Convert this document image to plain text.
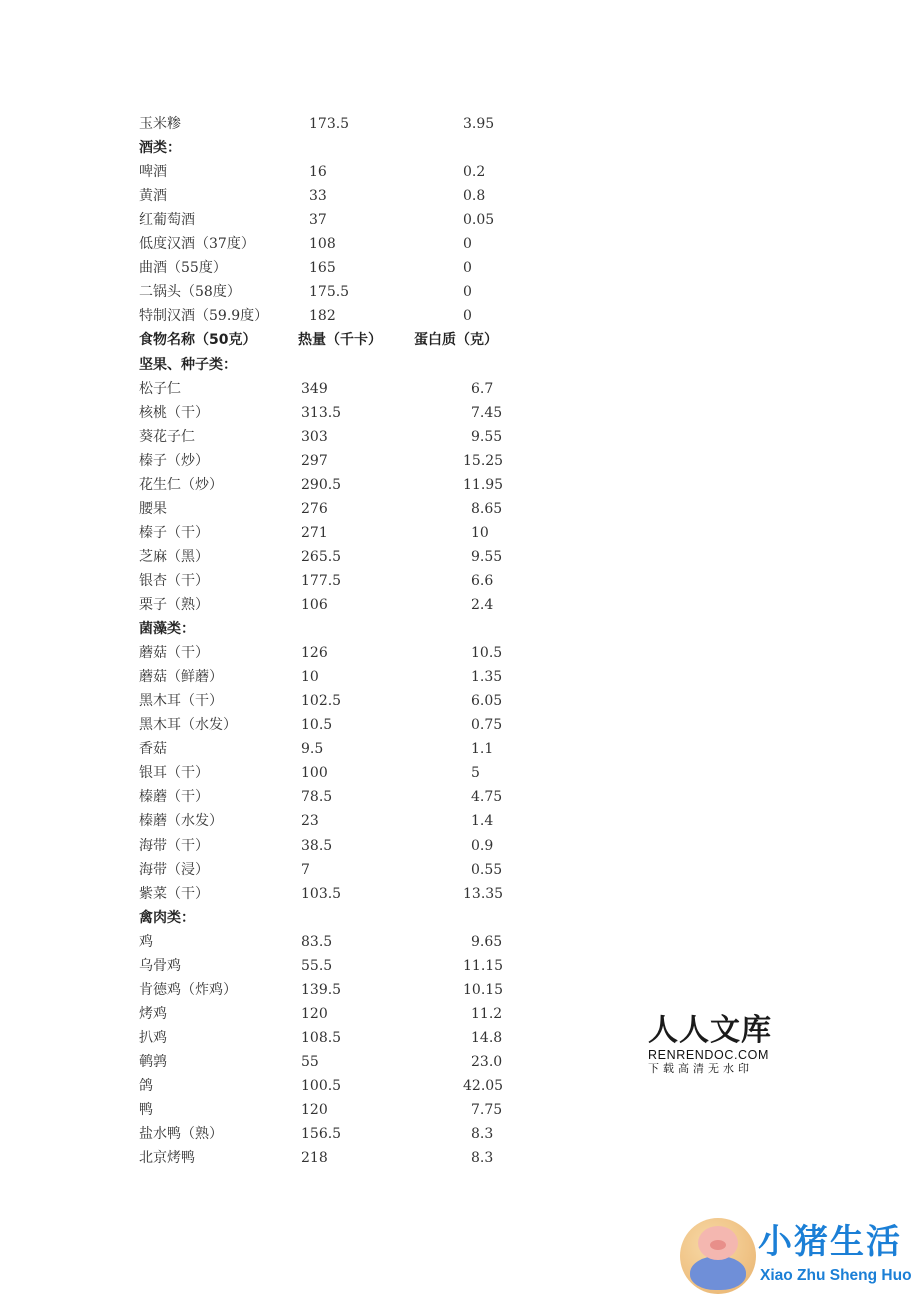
玉米糁	173.5	3.95
酒类：
啤酒	16	0.2
黄酒	33	0.8
红葡萄酒	37	0.05
低度汉酒（37度）	108	0
曲酒（55度）	165	0
二锅头（58度）	175.5	0
特制汉酒（59.9度）	182	0
食物名称（50克）	热量（千卡） 蛋白质（克）
坚果、种子类：
松子仁	349	6.7
核桃（干）	313.5	7.45
葵花子仁	303	9.55
榛子（炒）	297	15.25
花生仁（炒）	290.5	11.95
腰果	276	8.65
榛子（干）	271	10
芝麻（黑）	265.5	9.55
银杏（干）	177.5	6.6
栗子（熟）	106	2.4
菌藻类：
蘑菇（干）	126	10.5
蘑菇（鲜蘑）	10	1.35
黑木耳（干）	102.5	6.05
黑木耳（水发）	10.5	0.75
香菇	9.5	1.1
银耳（干）	100	5
榛蘑（干）	78.5	4.75
榛蘑（水发）	23	1.4
海带（干）	38.5	0.9
海带（浸）	7	0.55
紫菜（干）	103.5	13.35
禽肉类：
鸡	83.5	9.65
乌骨鸡	55.5	11.15
肯德鸡（炸鸡）	139.5	10.15
烤鸡	120	11.2
扒鸡	108.5	14.8
鹌鹑	55	23.0
鸽	100.5	42.05
鸭	120	7.75
盐水鸭（熟）	156.5	8.3
北京烤鸭	218	8.3
人人文库
RENRENDOC.COM
下载高清无水印
小猪生活
Xiao Zhu Sheng Huo
